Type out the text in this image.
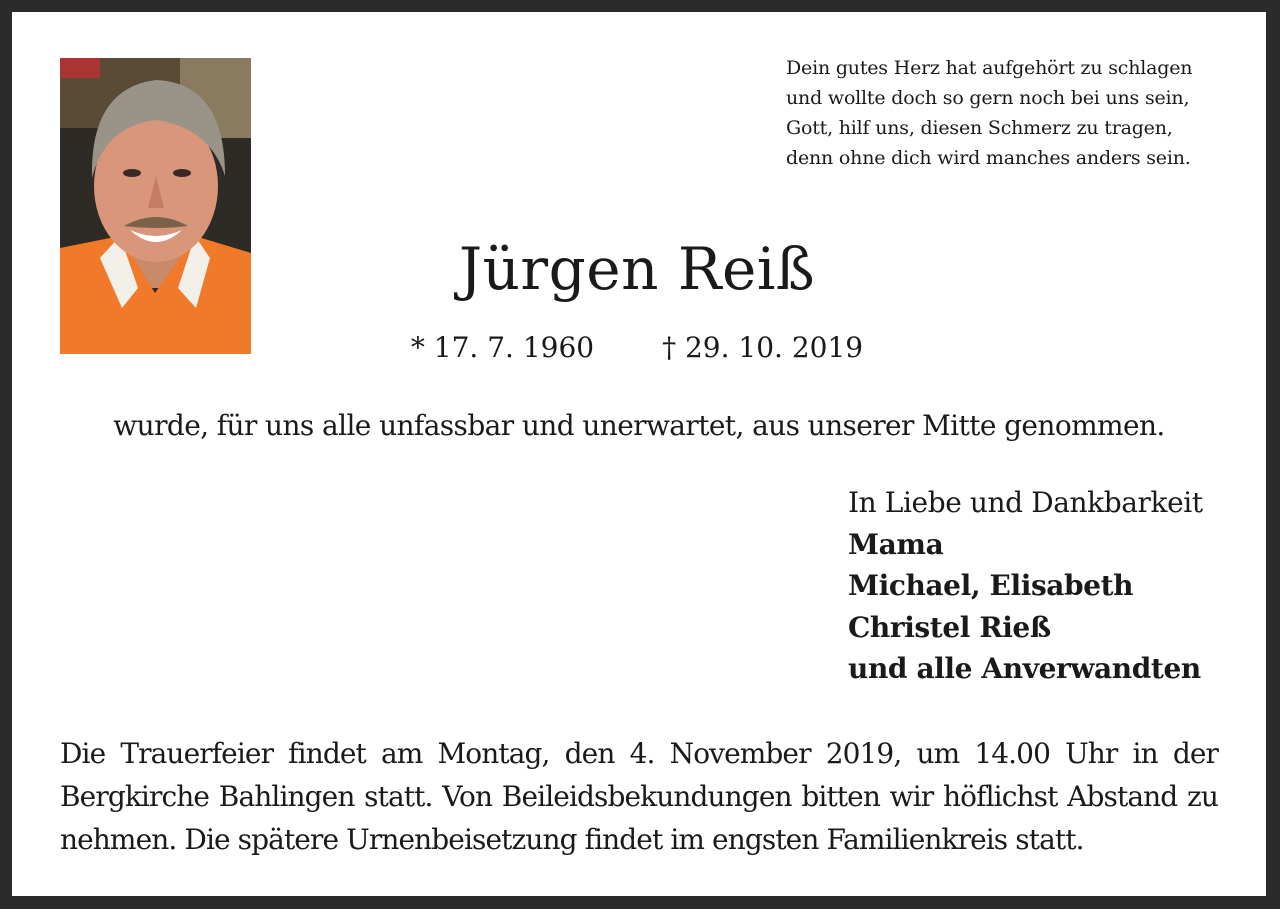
Dein gutes Herz hat aufgehört zu schlagen
und wollte doch so gern noch bei uns sein,
Gott, hilf uns, diesen Schmerz zu tragen,
denn ohne dich wird manches anders sein.
Jürgen Reiß
* 17. 7. 1960 † 29. 10. 2019
wurde, für uns alle unfassbar und unerwartet, aus unserer Mitte genommen.
In Liebe und Dankbarkeit
Mama
Michael, Elisabeth
Christel Rieß
und alle Anverwandten
Die Trauerfeier findet am Montag, den 4. November 2019, um 14.00 Uhr in der Bergkirche Bahlingen statt. Von Beileidsbekundungen bitten wir höflichst Abstand zu nehmen. Die spätere Urnenbeisetzung findet im engsten Familienkreis statt.
